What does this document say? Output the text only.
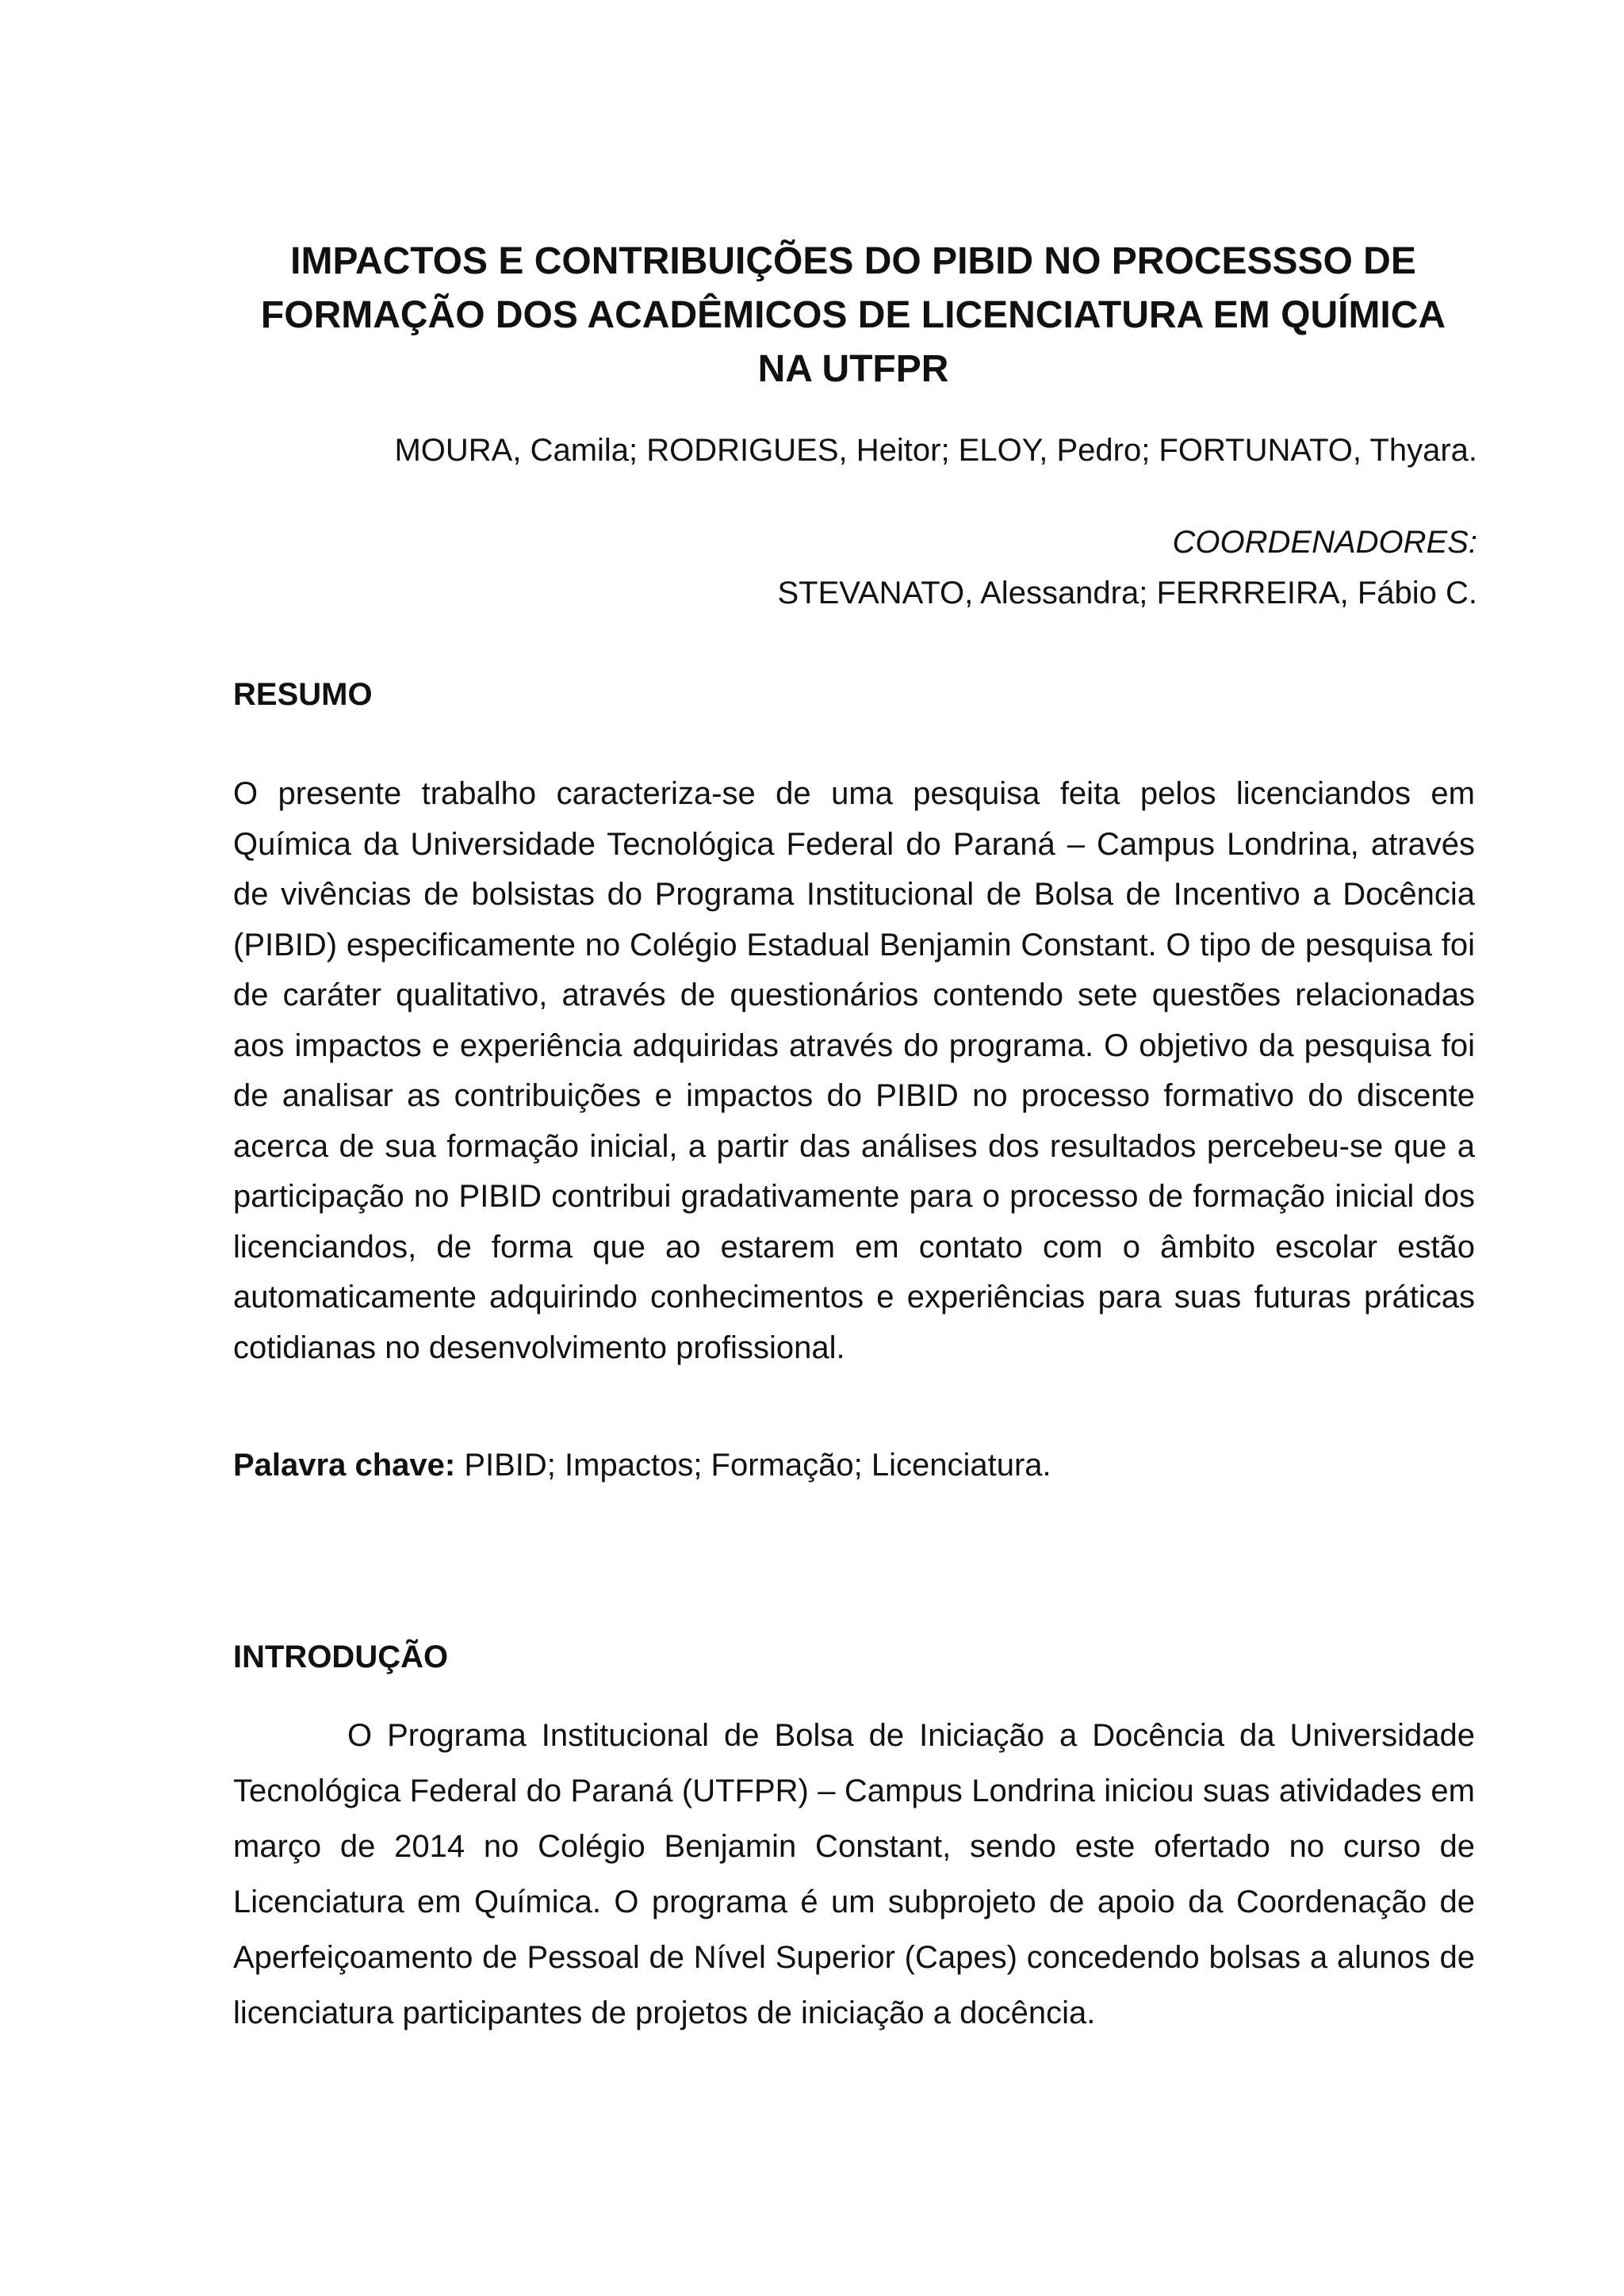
IMPACTOS E CONTRIBUIÇÕES DO PIBID NO PROCESSSO DE FORMAÇÃO DOS ACADÊMICOS DE LICENCIATURA EM QUÍMICA NA UTFPR

MOURA, Camila; RODRIGUES, Heitor; ELOY, Pedro; FORTUNATO, Thyara.

COORDENADORES:

STEVANATO, Alessandra; FERRREIRA, Fábio C.

RESUMO

O presente trabalho caracteriza-se de uma pesquisa feita pelos licenciandos em Química da Universidade Tecnológica Federal do Paraná – Campus Londrina, através de vivências de bolsistas do Programa Institucional de Bolsa de Incentivo a Docência (PIBID) especificamente no Colégio Estadual Benjamin Constant. O tipo de pesquisa foi de caráter qualitativo, através de questionários contendo sete questões relacionadas aos impactos e experiência adquiridas através do programa. O objetivo da pesquisa foi de analisar as contribuições e impactos do PIBID no processo formativo do discente acerca de sua formação inicial, a partir das análises dos resultados percebeu-se que a participação no PIBID contribui gradativamente para o processo de formação inicial dos licenciandos, de forma que ao estarem em contato com o âmbito escolar estão automaticamente adquirindo conhecimentos e experiências para suas futuras práticas cotidianas no desenvolvimento profissional.

Palavra chave: PIBID; Impactos; Formação; Licenciatura.

INTRODUÇÃO

O Programa Institucional de Bolsa de Iniciação a Docência da Universidade Tecnológica Federal do Paraná (UTFPR) – Campus Londrina iniciou suas atividades em março de 2014 no Colégio Benjamin Constant, sendo este ofertado no curso de Licenciatura em Química. O programa é um subprojeto de apoio da Coordenação de Aperfeiçoamento de Pessoal de Nível Superior (Capes) concedendo bolsas a alunos de licenciatura participantes de projetos de iniciação a docência.
